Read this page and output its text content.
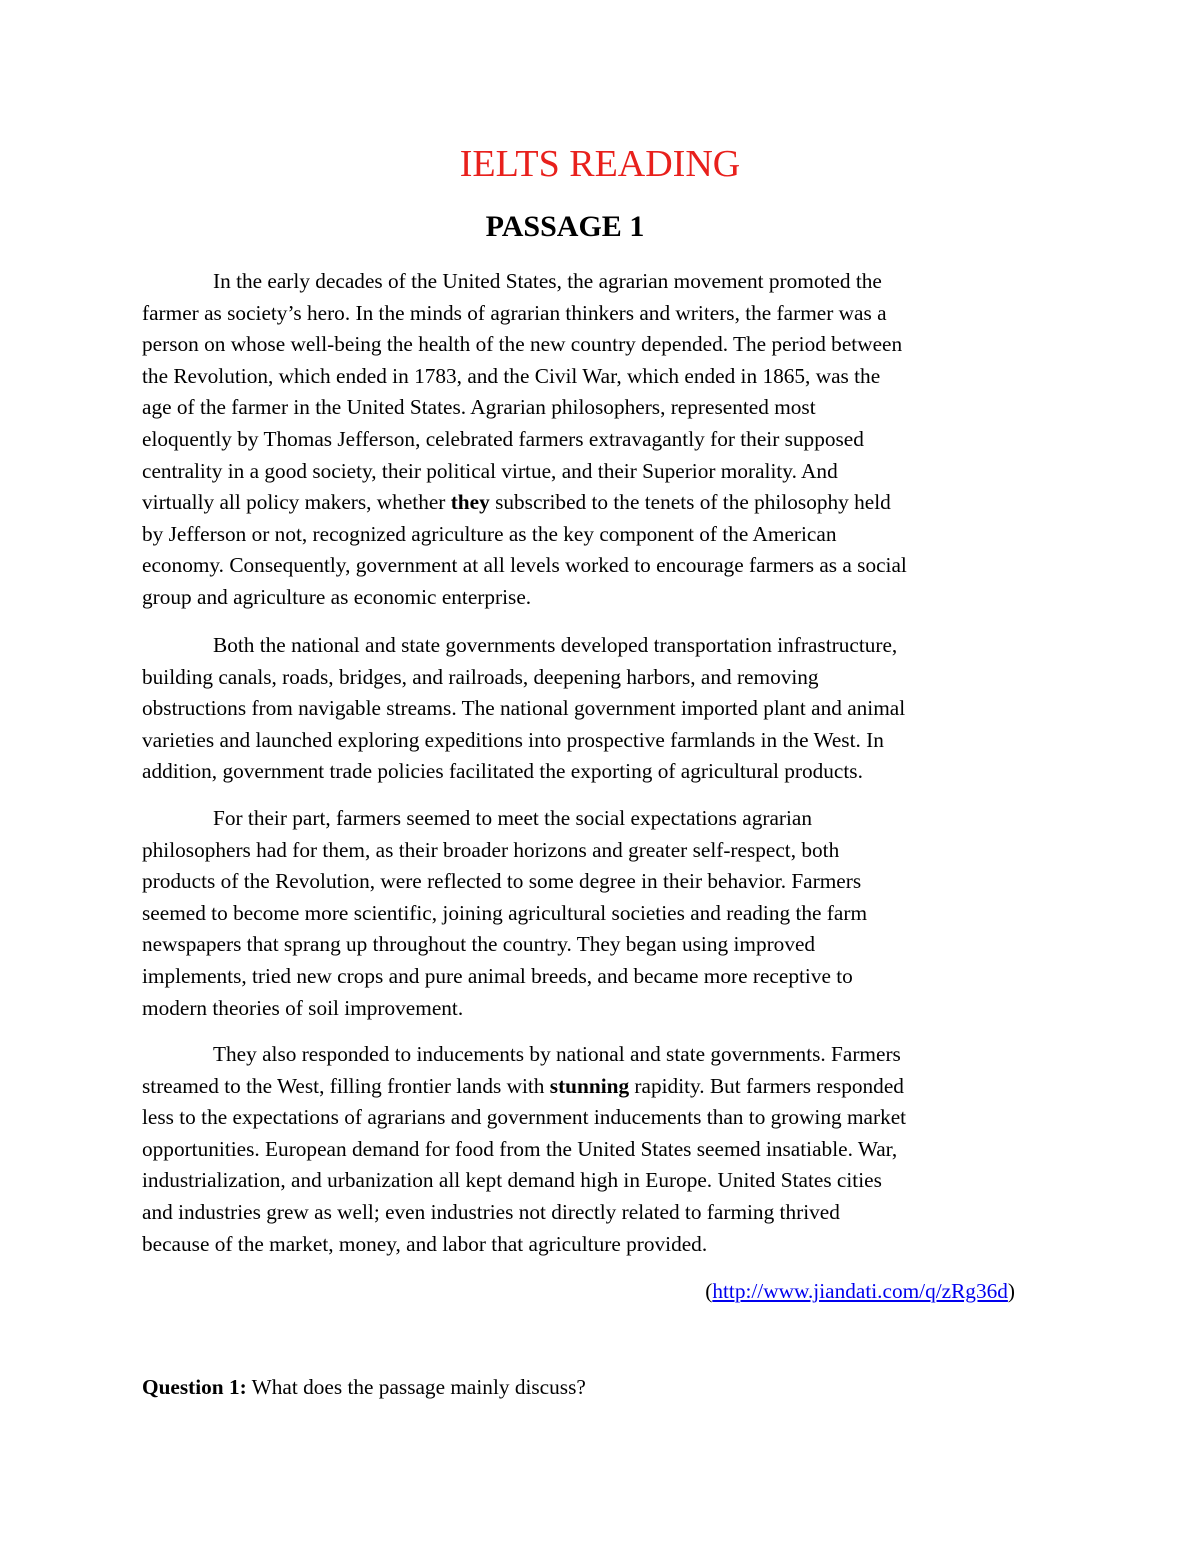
IELTS READING
PASSAGE 1
In the early decades of the United States, the agrarian movement promoted the
farmer as society’s hero. In the minds of agrarian thinkers and writers, the farmer was a
person on whose well-being the health of the new country depended. The period between
the Revolution, which ended in 1783, and the Civil War, which ended in 1865, was the
age of the farmer in the United States. Agrarian philosophers, represented most
eloquently by Thomas Jefferson, celebrated farmers extravagantly for their supposed
centrality in a good society, their political virtue, and their Superior morality. And
virtually all policy makers, whether they subscribed to the tenets of the philosophy held
by Jefferson or not, recognized agriculture as the key component of the American
economy. Consequently, government at all levels worked to encourage farmers as a social
group and agriculture as economic enterprise.
Both the national and state governments developed transportation infrastructure,
building canals, roads, bridges, and railroads, deepening harbors, and removing
obstructions from navigable streams. The national government imported plant and animal
varieties and launched exploring expeditions into prospective farmlands in the West. In
addition, government trade policies facilitated the exporting of agricultural products.
For their part, farmers seemed to meet the social expectations agrarian
philosophers had for them, as their broader horizons and greater self-respect, both
products of the Revolution, were reflected to some degree in their behavior. Farmers
seemed to become more scientific, joining agricultural societies and reading the farm
newspapers that sprang up throughout the country. They began using improved
implements, tried new crops and pure animal breeds, and became more receptive to
modern theories of soil improvement.
They also responded to inducements by national and state governments. Farmers
streamed to the West, filling frontier lands with stunning rapidity. But farmers responded
less to the expectations of agrarians and government inducements than to growing market
opportunities. European demand for food from the United States seemed insatiable. War,
industrialization, and urbanization all kept demand high in Europe. United States cities
and industries grew as well; even industries not directly related to farming thrived
because of the market, money, and labor that agriculture provided.
(http://www.jiandati.com/q/zRg36d)
Question 1: What does the passage mainly discuss?
